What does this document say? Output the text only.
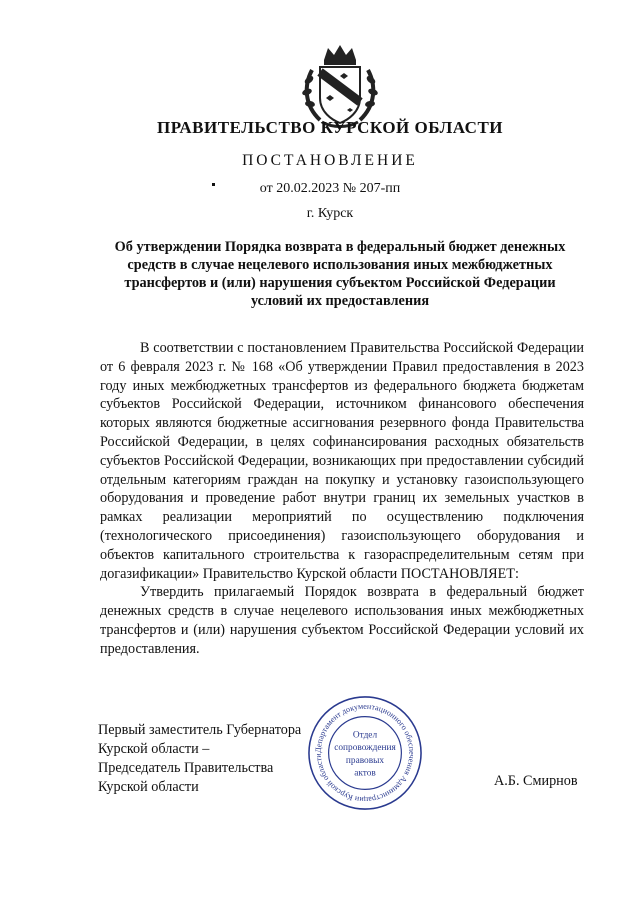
ПРАВИТЕЛЬСТВО КУРСКОЙ ОБЛАСТИ
ПОСТАНОВЛЕНИЕ
от 20.02.2023 № 207-пп
г. Курск
Об утверждении Порядка возврата в федеральный бюджет денежных
средств в случае нецелевого использования иных межбюджетных
трансфертов и (или) нарушения субъектом Российской Федерации
условий их предоставления

В соответствии с постановлением Правительства Российской Федерации от 6 февраля 2023 г. № 168 «Об утверждении Правил предоставления в 2023 году иных межбюджетных трансфертов из федерального бюджета бюджетам субъектов Российской Федерации, источником финансового обеспечения которых являются бюджетные ассигнования резервного фонда Правительства Российской Федерации, в целях софинансирования расходных обязательств субъектов Российской Федерации, возникающих при предоставлении субсидий отдельным категориям граждан на покупку и установку газоиспользующего оборудования и проведение работ внутри границ их земельных участков в рамках реализации мероприятий по осуществлению подключения (технологического присоединения) газоиспользующего оборудования и объектов капитального строительства к газораспределительным сетям при догазификации» Правительство Курской области ПОСТАНОВЛЯЕТ:

Утвердить прилагаемый Порядок возврата в федеральный бюджет денежных средств в случае нецелевого использования иных межбюджетных трансфертов и (или) нарушения субъектом Российской Федерации условий их предоставления.

Первый заместитель Губернатора
Курской области –
Председатель Правительства
Курской области
Департамент документационного обеспечения Администрации Курской области
Отдел
сопровождения
правовых
актов	А.Б. Смирнов
